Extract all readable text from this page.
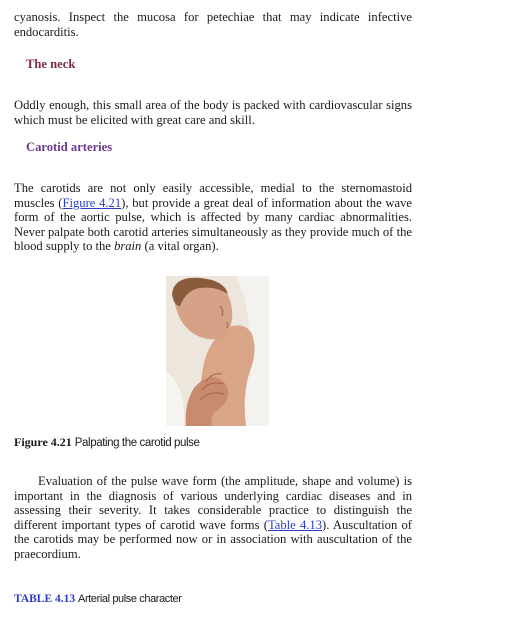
cyanosis. Inspect the mucosa for petechiae that may indicate infective endocarditis.

The neck

Oddly enough, this small area of the body is packed with cardiovascular signs which must be elicited with great care and skill.

Carotid arteries

The carotids are not only easily accessible, medial to the sternomastoid muscles (Figure 4.21), but provide a great deal of information about the wave form of the aortic pulse, which is affected by many cardiac abnormalities. Never palpate both carotid arteries simultaneously as they provide much of the blood supply to the brain (a vital organ).

Figure 4.21 Palpating the carotid pulse

Evaluation of the pulse wave form (the amplitude, shape and volume) is important in the diagnosis of various underlying cardiac diseases and in assessing their severity. It takes considerable practice to distinguish the different important types of carotid wave forms (Table 4.13). Auscultation of the carotids may be performed now or in association with auscultation of the praecordium.

TABLE 4.13 Arterial pulse character
